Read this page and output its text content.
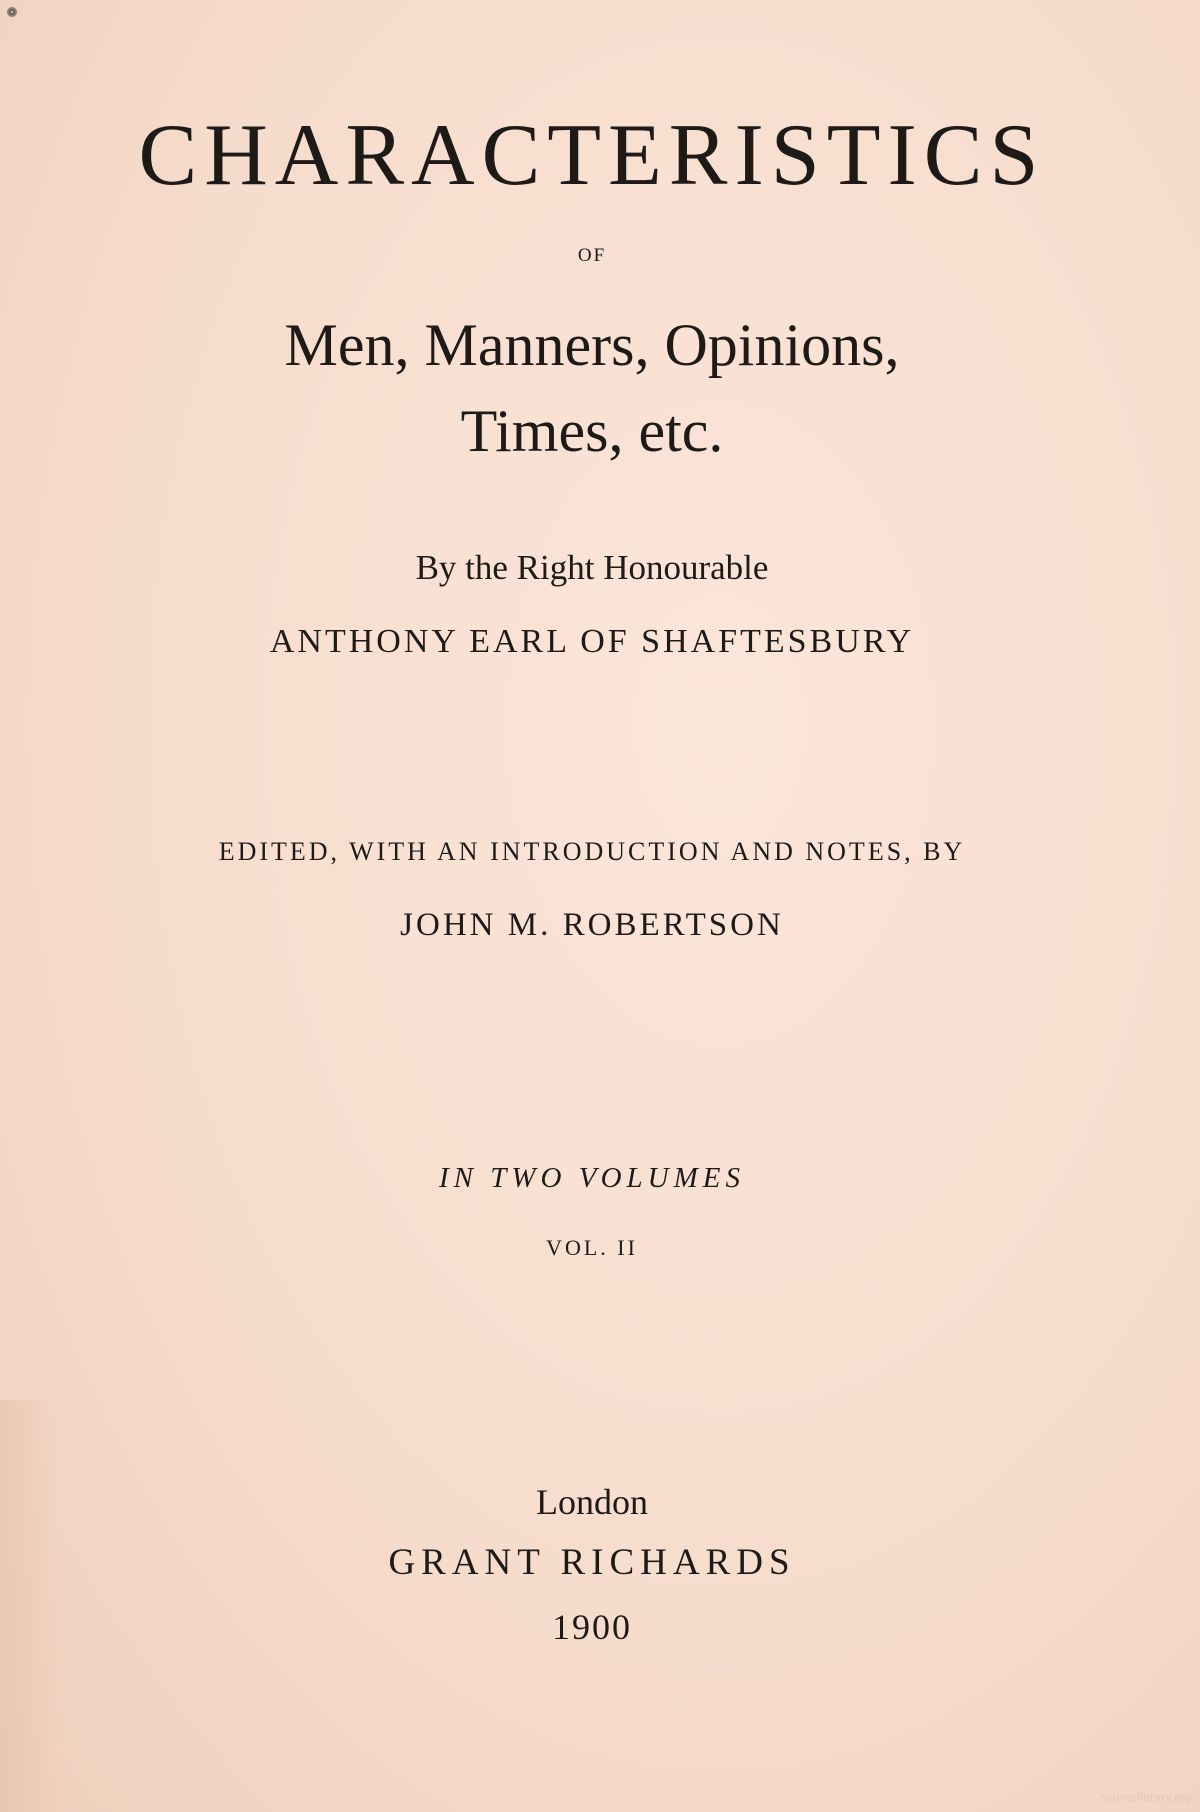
CHARACTERISTICS
OF
Men, Manners, Opinions,
Times, etc.
By the Right Honourable
ANTHONY EARL OF SHAFTESBURY
EDITED, WITH AN INTRODUCTION AND NOTES, BY
JOHN M. ROBERTSON
IN TWO VOLUMES
VOL. II
London
GRANT RICHARDS
1900
sourcelibrary.org
